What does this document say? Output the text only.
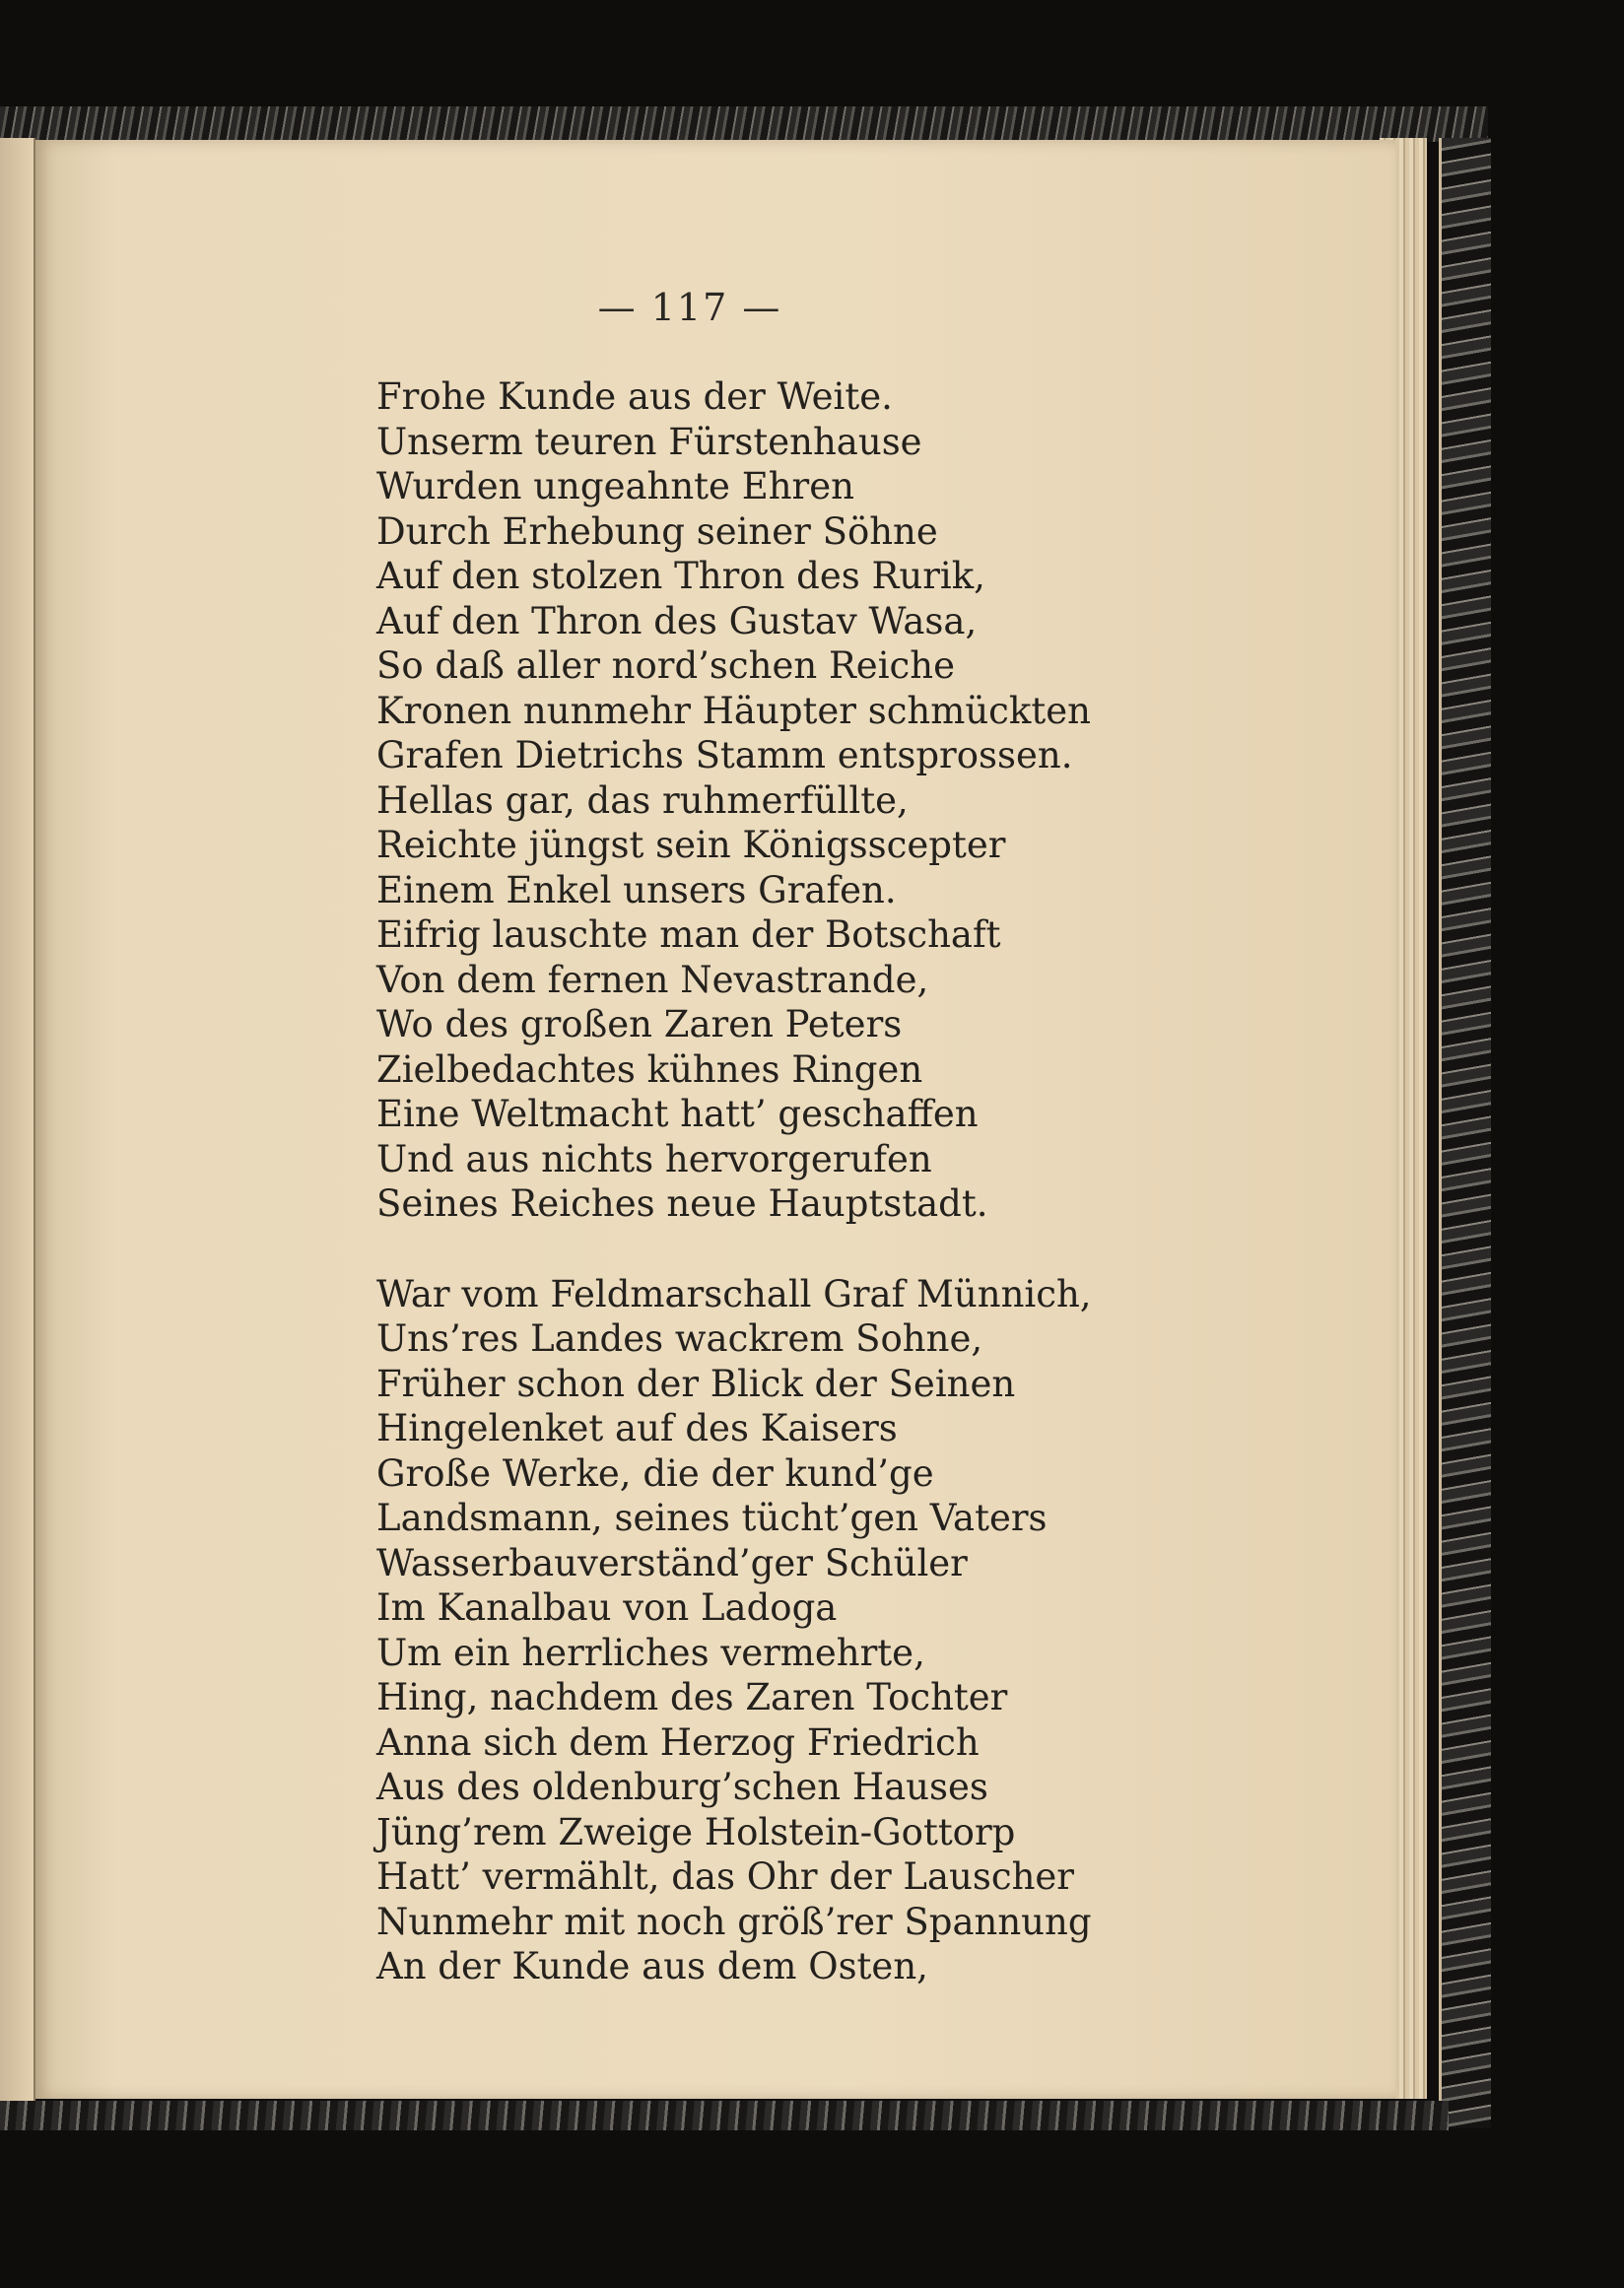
— 117 —
Frohe Kunde aus der Weite.
Unserm teuren Fürstenhause
Wurden ungeahnte Ehren
Durch Erhebung seiner Söhne
Auf den stolzen Thron des Rurik,
Auf den Thron des Gustav Wasa,
So daß aller nord’schen Reiche
Kronen nunmehr Häupter schmückten
Grafen Dietrichs Stamm entsprossen.
Hellas gar, das ruhmerfüllte,
Reichte jüngst sein Königsscepter
Einem Enkel unsers Grafen.
Eifrig lauschte man der Botschaft
Von dem fernen Nevastrande,
Wo des großen Zaren Peters
Zielbedachtes kühnes Ringen
Eine Weltmacht hatt’ geschaffen
Und aus nichts hervorgerufen
Seines Reiches neue Hauptstadt.
War vom Feldmarschall Graf Münnich,
Uns’res Landes wackrem Sohne,
Früher schon der Blick der Seinen
Hingelenket auf des Kaisers
Große Werke, die der kund’ge
Landsmann, seines tücht’gen Vaters
Wasserbauverständ’ger Schüler
Im Kanalbau von Ladoga
Um ein herrliches vermehrte,
Hing, nachdem des Zaren Tochter
Anna sich dem Herzog Friedrich
Aus des oldenburg’schen Hauses
Jüng’rem Zweige Holstein-Gottorp
Hatt’ vermählt, das Ohr der Lauscher
Nunmehr mit noch größ’rer Spannung
An der Kunde aus dem Osten,
